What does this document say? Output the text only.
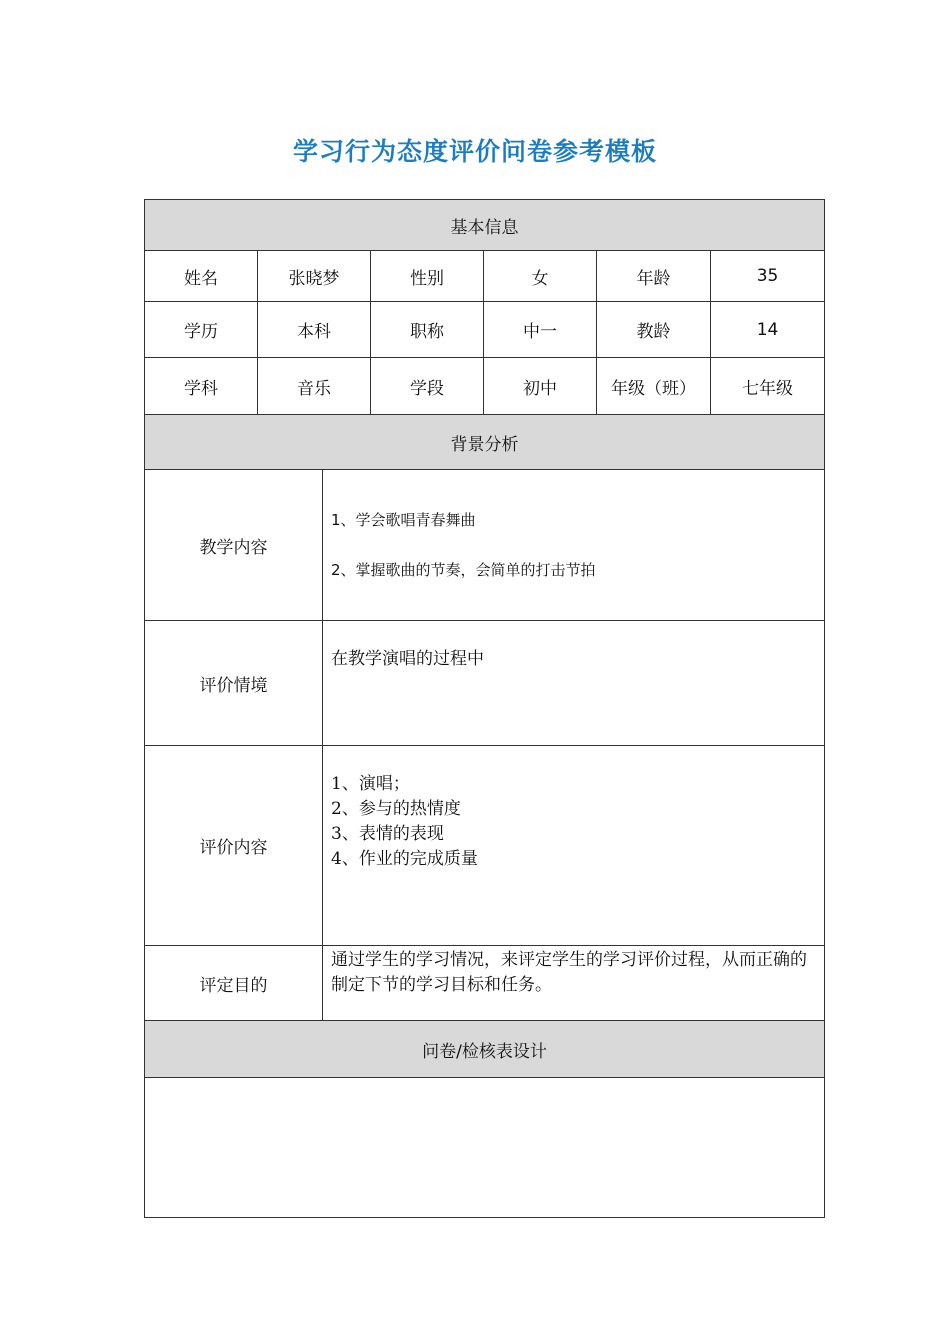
学习行为态度评价问卷参考模板
基本信息						
姓名	张晓梦		性别	女	年龄	35
学历	本科		职称	中一	教龄	14
学科	音乐		学段	初中	年级（班）	七年级
背景分析						
教学内容		1、学会歌唱青春舞曲
2、掌握歌曲的节奏，会简单的打击节拍				

评价情境		在教学演唱的过程中				

评价内容		1、演唱；
2、参与的热情度
3、表情的表现
4、作业的完成质量				

评定目的		通过学生的学习情况，来评定学生的学习评价过程，从而正确的制定下节的学习目标和任务。				

问卷/检核表设计						
